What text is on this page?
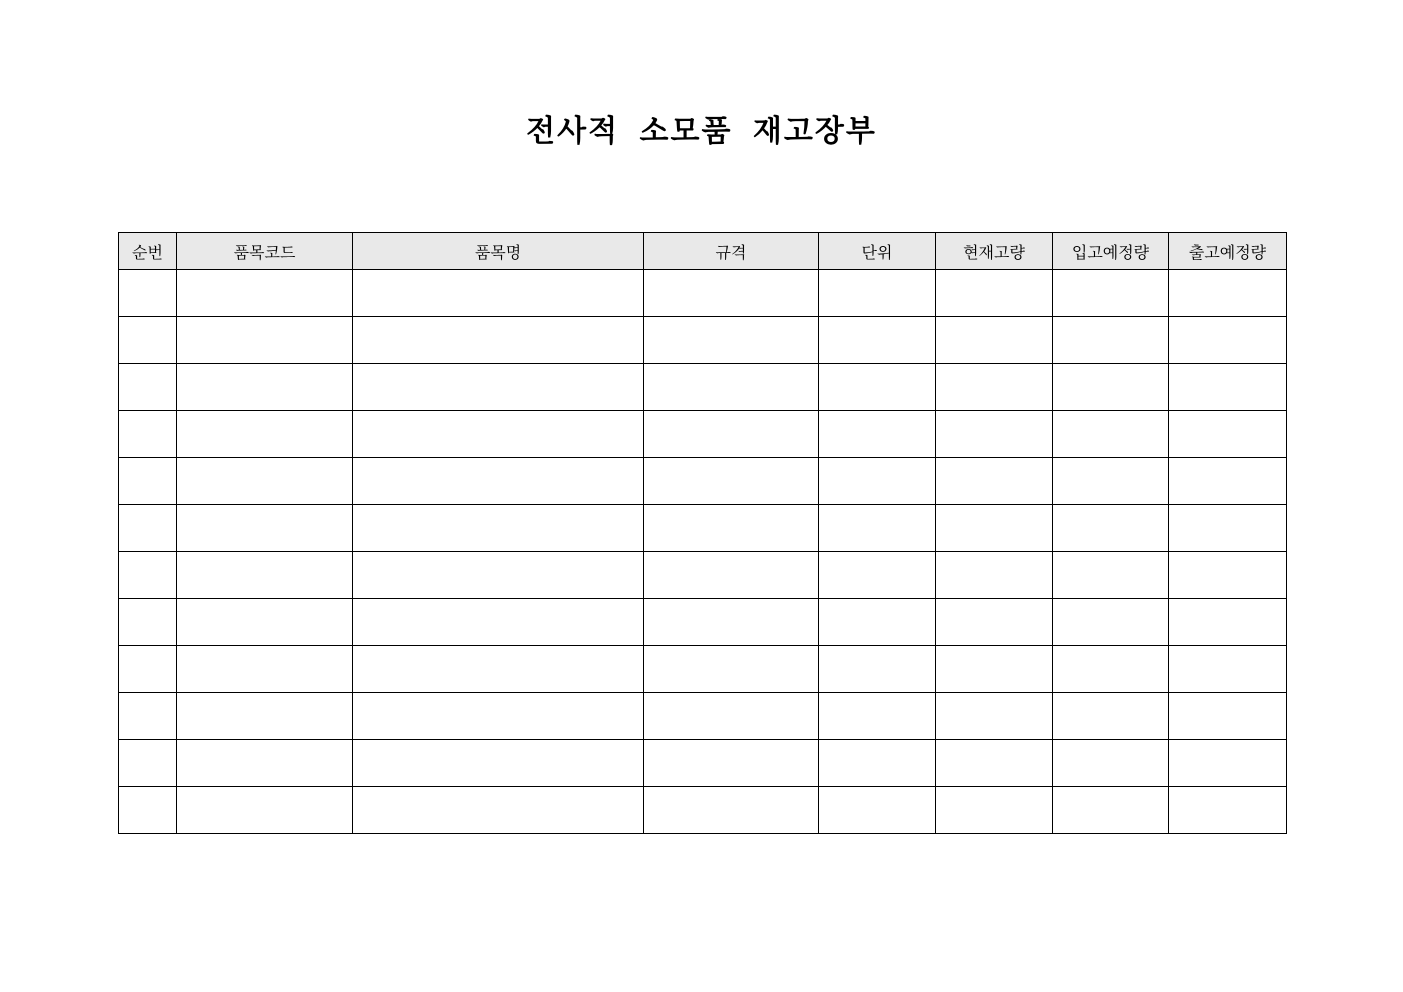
전사적 소모품 재고장부
순번	품목코드	품목명	규격	단위	현재고량	입고예정량	출고예정량
